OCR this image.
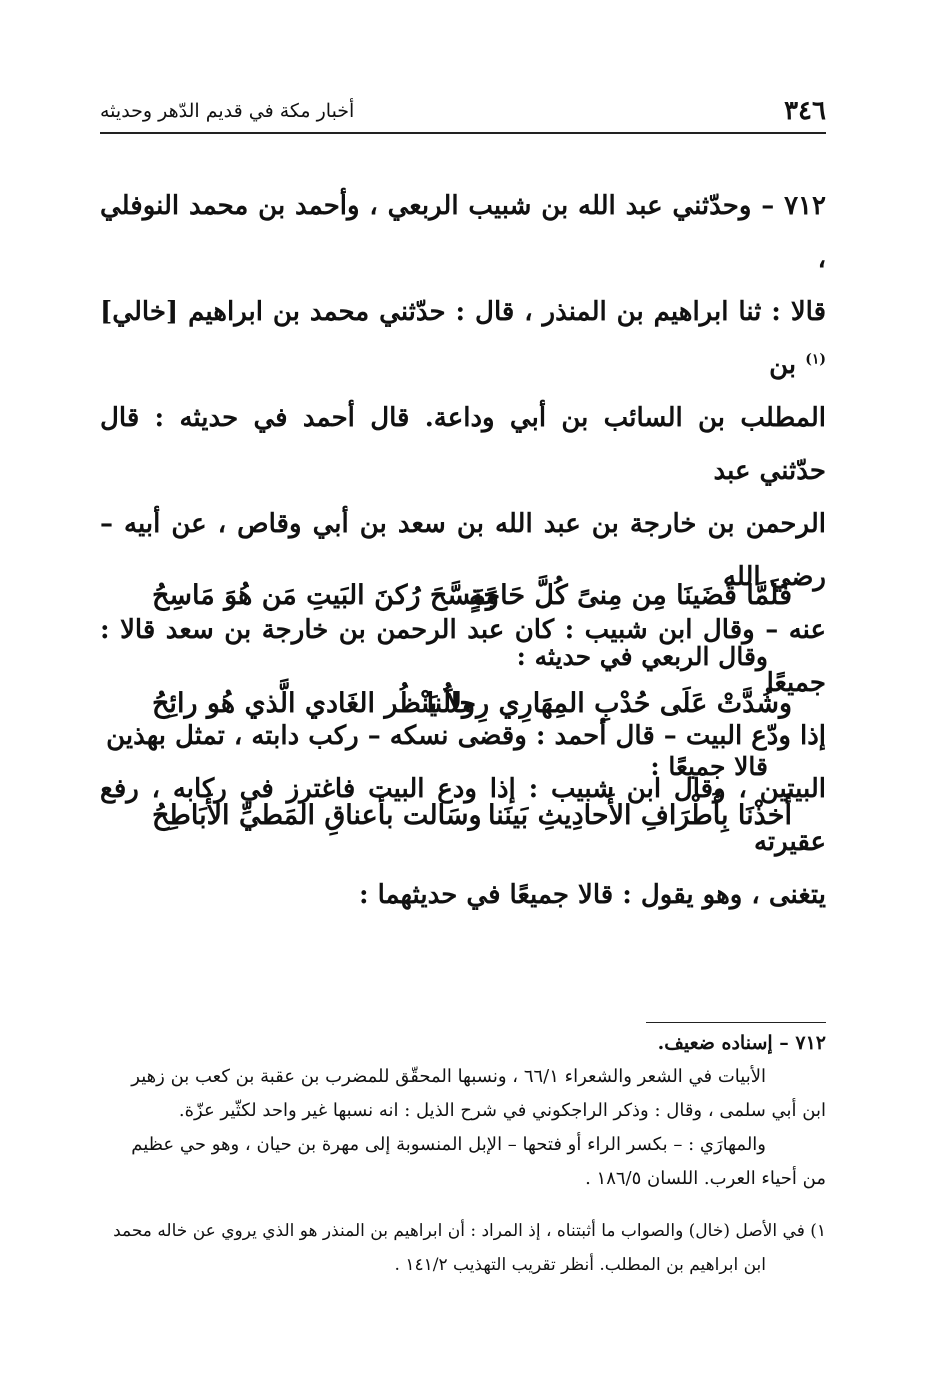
٣٤٦
أخبار مكة في قديم الدّهر وحديثه

٧١٢ – وحدّثني عبد الله بن شبيب الربعي ، وأحمد بن محمد النوفلي ،

قالا : ثنا ابراهيم بن المنذر ، قال : حدّثني محمد بن ابراهيم [خالي]$^{(١)}$ بن

المطلب بن السائب بن أبي وداعة. قال أحمد في حديثه : قال حدّثني عبد

الرحمن بن خارجة بن عبد الله بن سعد بن أبي وقاص ، عن أبيه – رضي الله

عنه – وقال ابن شبيب : كان عبد الرحمن بن خارجة بن سعد قالا : جميعًا

إذا ودّع البيت – قال أحمد : وقضى نسكه – ركب دابته ، تمثل بهذين

البيتين ، وقال ابن شبيب : إذا ودع البيت فاغترز في ركابه ، رفع عقيرته

يتغنى ، وهو يقول : قالا جميعًا في حديثهما :

فَلَمَّا قَضَينَا مِن مِنىً كُلَّ حَاجَةٍ
وَمَسَّحَ رُكنَ البَيتِ مَن هُوَ مَاسِحُ
وقال الربعي في حديثه :
وشُدَّتْ عَلَى حُدْبِ المِهَارِي رِحالُنا
ولاَ يَنْظُر الغَادي الَّذي هُو رائِحُ
قالا جميعًا :
أَخذْنَا بِأَطْرَافِ الأَحادِيثِ بَينَنا
وسَالت بأعناقِ المَطيِّ الأَبَاطِحُ

٧١٢ – إسناده ضعيف.

الأبيات في الشعر والشعراء ٦٦/١ ، ونسبها المحقّق للمضرب بن عقبة بن كعب بن زهير

ابن أبي سلمى ، وقال : وذكر الراجكوني في شرح الذيل : انه نسبها غير واحد لكثّير عزّة.

والمهارَي : – بكسر الراء أو فتحها – الإبل المنسوبة إلى مهرة بن حيان ، وهو حي عظيم

من أحياء العرب. اللسان ١٨٦/٥ .

١) في الأصل (خال) والصواب ما أثبتناه ، إذ المراد : أن ابراهيم بن المنذر هو الذي يروي عن خاله محمد

ابن ابراهيم بن المطلب. أنظر تقريب التهذيب ١٤١/٢ .
